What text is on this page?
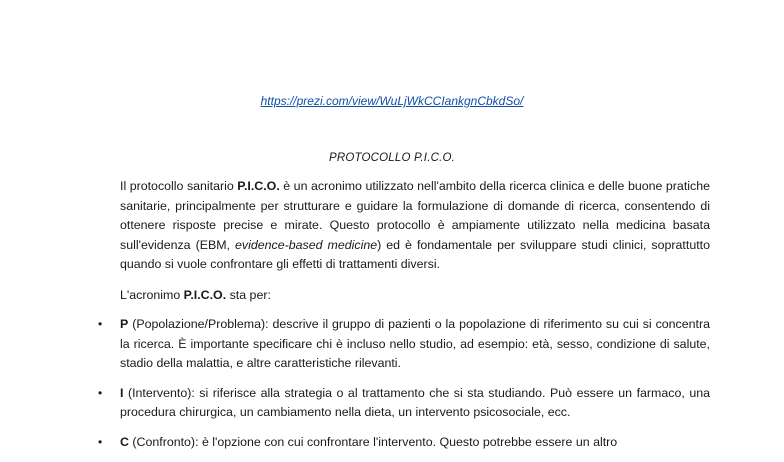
https://prezi.com/view/WuLjWkCCIankgnCbkdSo/
PROTOCOLLO P.I.C.O.
Il protocollo sanitario P.I.C.O. è un acronimo utilizzato nell'ambito della ricerca clinica e delle buone pratiche sanitarie, principalmente per strutturare e guidare la formulazione di domande di ricerca, consentendo di ottenere risposte precise e mirate. Questo protocollo è ampiamente utilizzato nella medicina basata sull'evidenza (EBM, evidence-based medicine) ed è fondamentale per sviluppare studi clinici, soprattutto quando si vuole confrontare gli effetti di trattamenti diversi.
L'acronimo P.I.C.O. sta per:
• P (Popolazione/Problema): descrive il gruppo di pazienti o la popolazione di riferimento su cui si concentra la ricerca. È importante specificare chi è incluso nello studio, ad esempio: età, sesso, condizione di salute, stadio della malattia, e altre caratteristiche rilevanti.
• I (Intervento): si riferisce alla strategia o al trattamento che si sta studiando. Può essere un farmaco, una procedura chirurgica, un cambiamento nella dieta, un intervento psicosociale, ecc.
• C (Confronto): è l'opzione con cui confrontare l'intervento. Questo potrebbe essere un altro
